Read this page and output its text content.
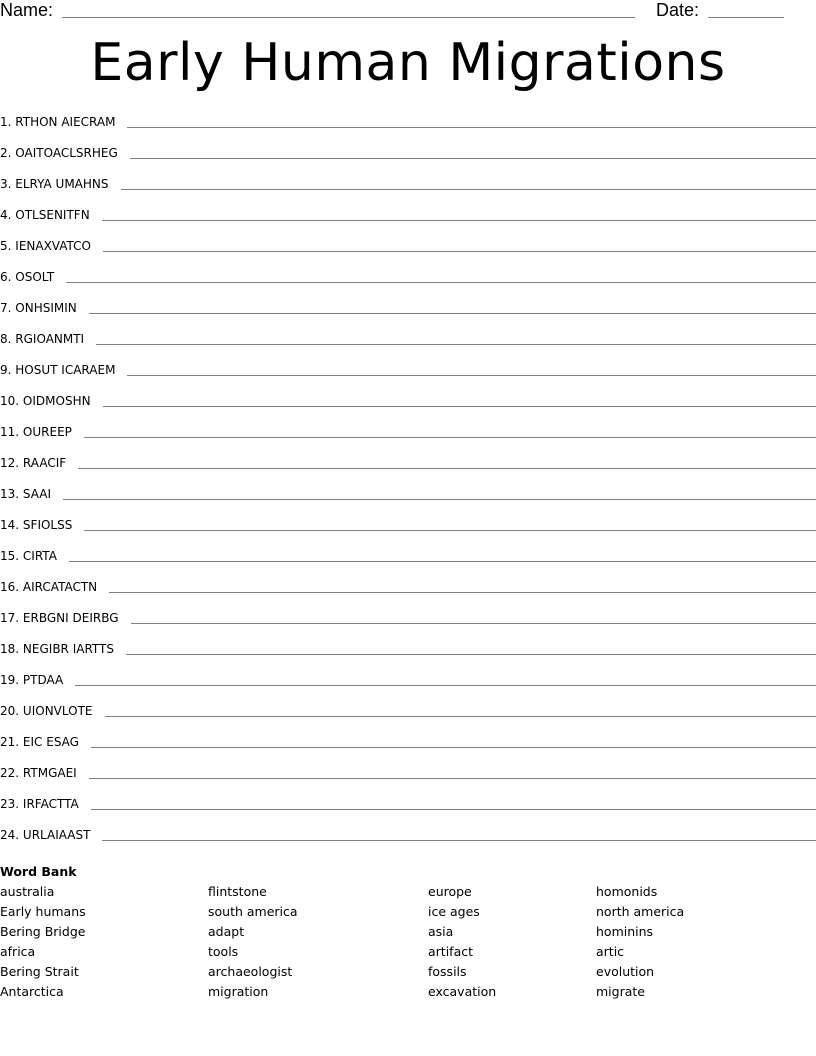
Name:	Date:
Early Human Migrations
1. RTHON AIECRAM
2. OAITOACLSRHEG
3. ELRYA UMAHNS
4. OTLSENITFN
5. IENAXVATCO
6. OSOLT
7. ONHSIMIN
8. RGIOANMTI
9. HOSUT ICARAEM
10. OIDMOSHN
11. OUREEP
12. RAACIF
13. SAAI
14. SFIOLSS
15. CIRTA
16. AIRCATACTN
17. ERBGNI DEIRBG
18. NEGIBR IARTTS
19. PTDAA
20. UIONVLOTE
21. EIC ESAG
22. RTMGAEI
23. IRFACTTA
24. URLAIAAST
Word Bank
australia
Early humans
Bering Bridge
africa
Bering Strait
Antarctica
flintstone
south america
adapt
tools
archaeologist
migration
europe
ice ages
asia
artifact
fossils
excavation
homonids
north america
hominins
artic
evolution
migrate
